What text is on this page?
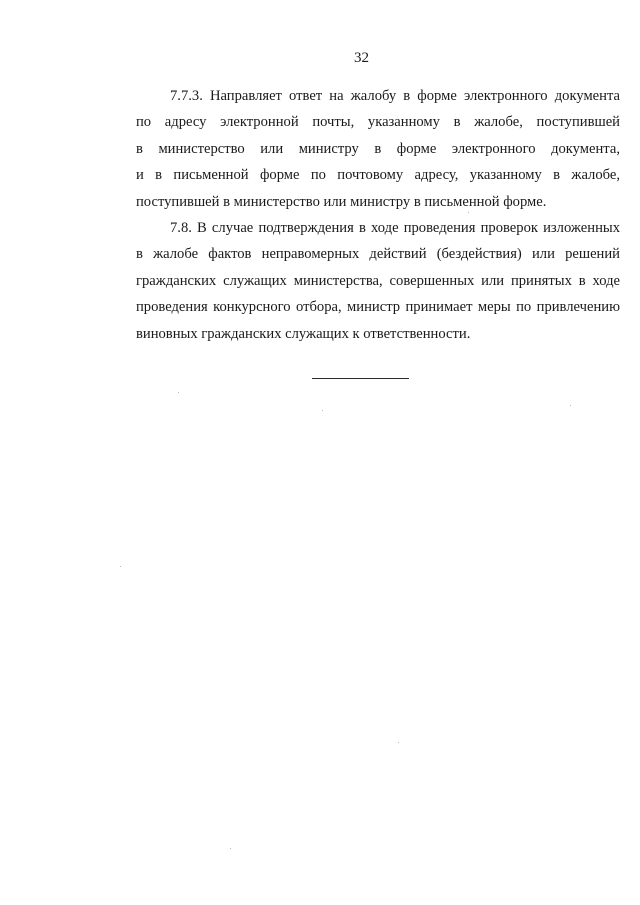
32
7.7.3. Направляет ответ на жалобу в форме электронного документа
по адресу электронной почты, указанному в жалобе, поступившей
в министерство или министру в форме электронного документа,
и в письменной форме по почтовому адресу, указанному в жалобе,
поступившей в министерство или министру в письменной форме.
7.8. В случае подтверждения в ходе проведения проверок изложенных
в жалобе фактов неправомерных действий (бездействия) или решений
гражданских служащих министерства, совершенных или принятых в ходе
проведения конкурсного отбора, министр принимает меры по привлечению
виновных гражданских служащих к ответственности.
